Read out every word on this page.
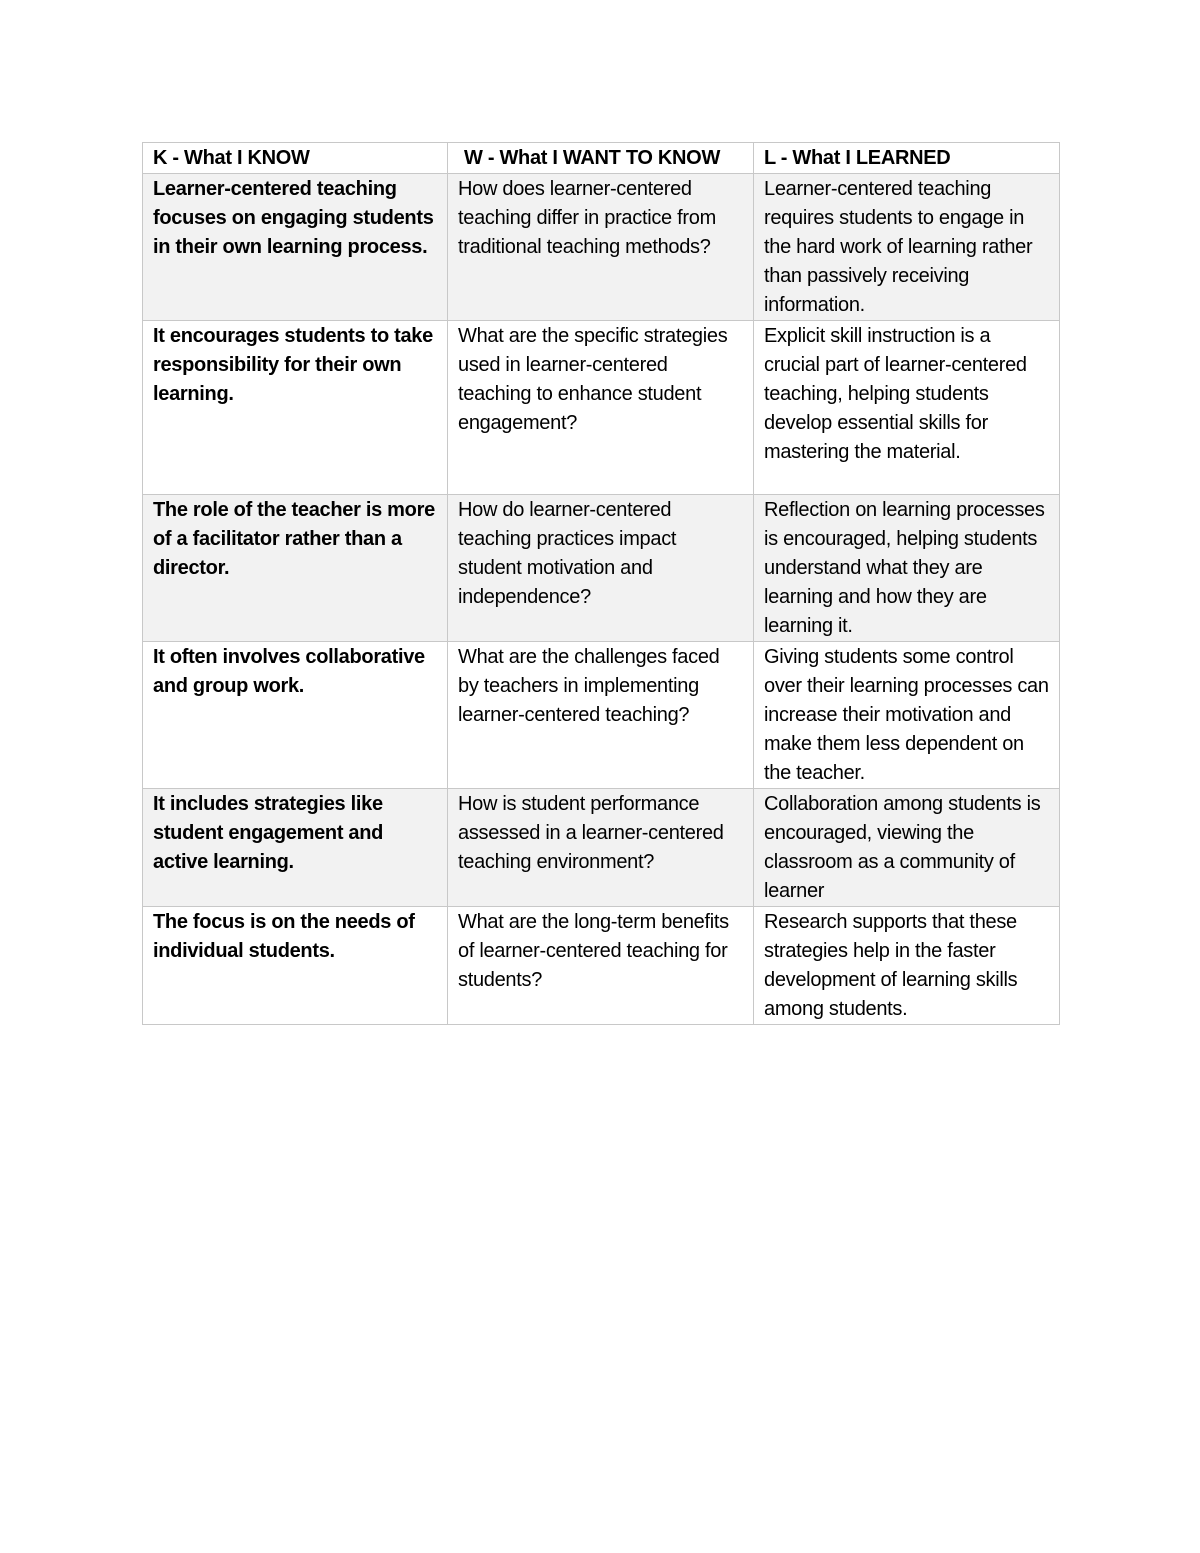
K - What I KNOW	W - What I WANT TO KNOW	L - What I LEARNED
Learner-centered teaching focuses on engaging students in their own learning process.	How does learner-centered teaching differ in practice from traditional teaching methods?	Learner-centered teaching requires students to engage in the hard work of learning rather than passively receiving information.
It encourages students to take responsibility for their own learning.	What are the specific strategies used in learner-centered teaching to enhance student engagement?	Explicit skill instruction is a crucial part of learner-centered teaching, helping students develop essential skills for mastering the material.
The role of the teacher is more of a facilitator rather than a director.	How do learner-centered teaching practices impact student motivation and independence?	Reflection on learning processes is encouraged, helping students understand what they are learning and how they are learning it.
It often involves collaborative and group work.	What are the challenges faced by teachers in implementing learner-centered teaching?	Giving students some control over their learning processes can increase their motivation and make them less dependent on the teacher.
It includes strategies like student engagement and active learning.	How is student performance assessed in a learner-centered teaching environment?	Collaboration among students is encouraged, viewing the classroom as a community of learner
The focus is on the needs of individual students.	What are the long-term benefits of learner-centered teaching for students?	Research supports that these strategies help in the faster development of learning skills among students.
